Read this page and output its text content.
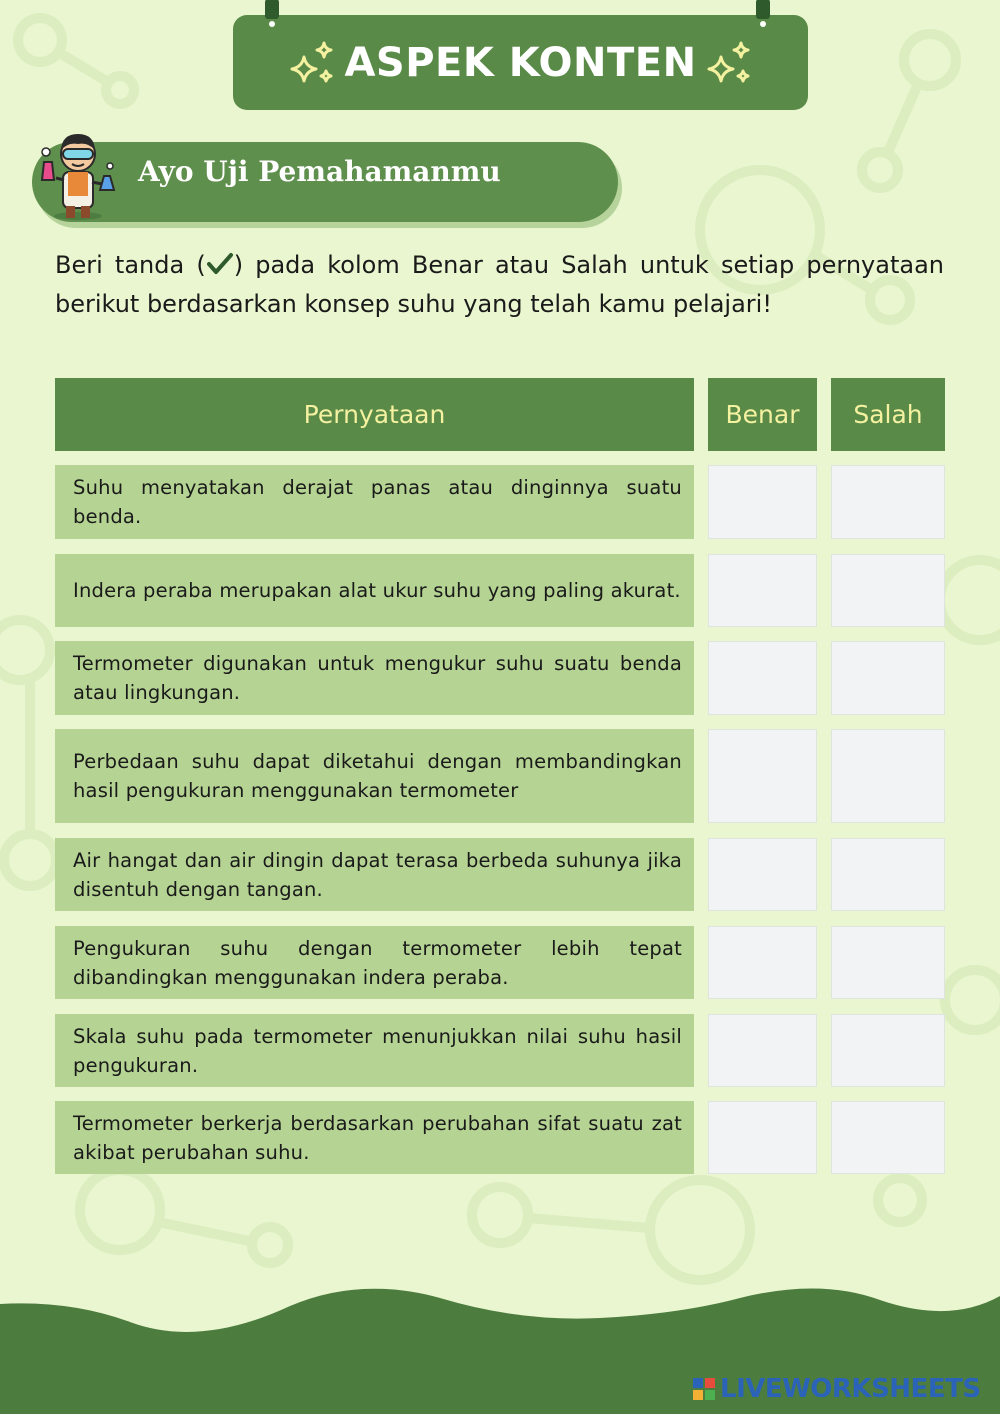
ASPEK KONTEN
Ayo Uji Pemahamanmu

Beri tanda ( ) pada kolom Benar atau Salah untuk setiap pernyataan berikut berdasarkan konsep suhu yang telah kamu pelajari!

Pernyataan	Benar Salah

Suhu menyatakan derajat panas atau dinginnya suatu benda.

Indera peraba merupakan alat ukur suhu yang paling akurat.

Termometer digunakan untuk mengukur suhu suatu benda atau lingkungan.

Perbedaan suhu dapat diketahui dengan membandingkan hasil pengukuran menggunakan termometer

Air hangat dan air dingin dapat terasa berbeda suhunya jika disentuh dengan tangan.

Pengukuran suhu dengan termometer lebih tepat dibandingkan menggunakan indera peraba.

Skala suhu pada termometer menunjukkan nilai suhu hasil pengukuran.

Termometer berkerja berdasarkan perubahan sifat suatu zat akibat perubahan suhu.

LIVEWORKSHEETS
